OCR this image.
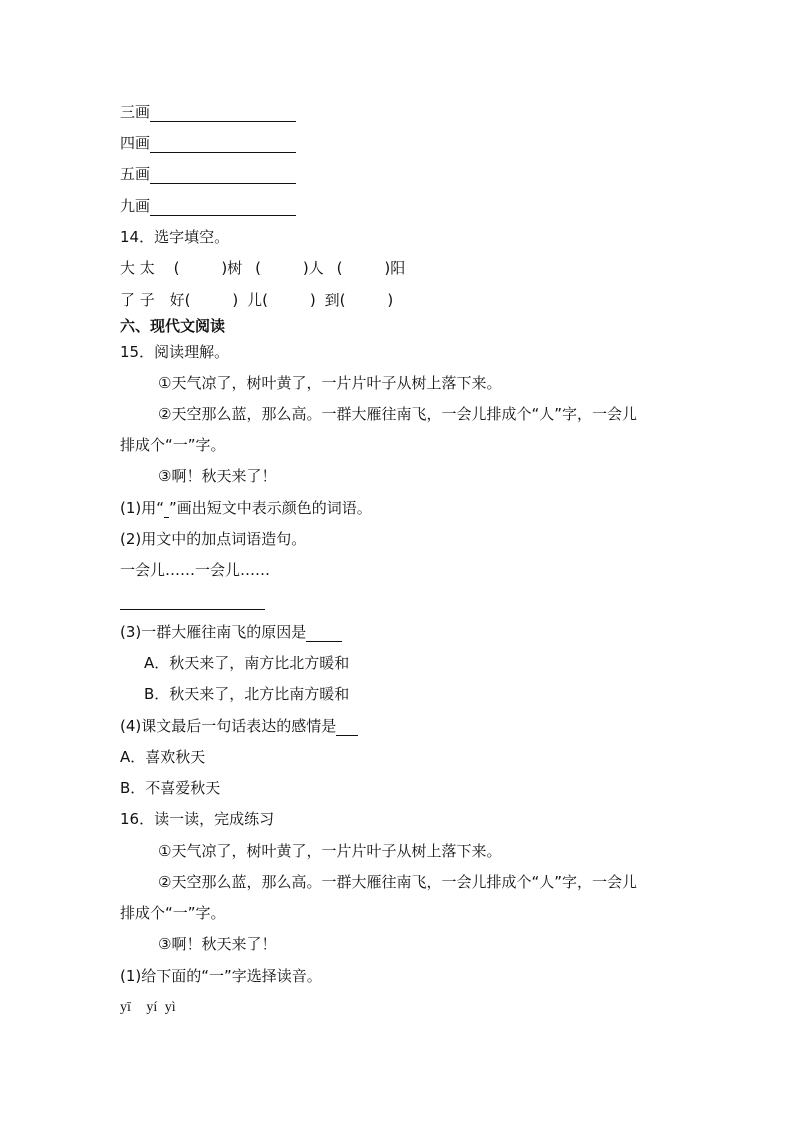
三画
四画
五画
九画
14．选字填空。
大 太 (	)树 (	)人 (	)阳
了 子 好(	) 儿(	) 到(	)
六、现代文阅读
15．阅读理解。
①天气凉了，树叶黄了，一片片叶子从树上落下来。
②天空那么蓝，那么高。一群大雁往南飞，一会儿排成个“人”字，一会儿
排成个“一”字。
③啊！秋天来了！
(1)用“ ”画出短文中表示颜色的词语。
(2)用文中的加点词语造句。
一会儿……一会儿……
(3)一群大雁往南飞的原因是
A．秋天来了，南方比北方暖和
B．秋天来了，北方比南方暖和
(4)课文最后一句话表达的感情是
A．喜欢秋天
B．不喜爱秋天
16．读一读，完成练习
①天气凉了，树叶黄了，一片片叶子从树上落下来。
②天空那么蓝，那么高。一群大雁往南飞，一会儿排成个“人”字，一会儿
排成个“一”字。
③啊！秋天来了！
(1)给下面的“一”字选择读音。
yī yí yì
